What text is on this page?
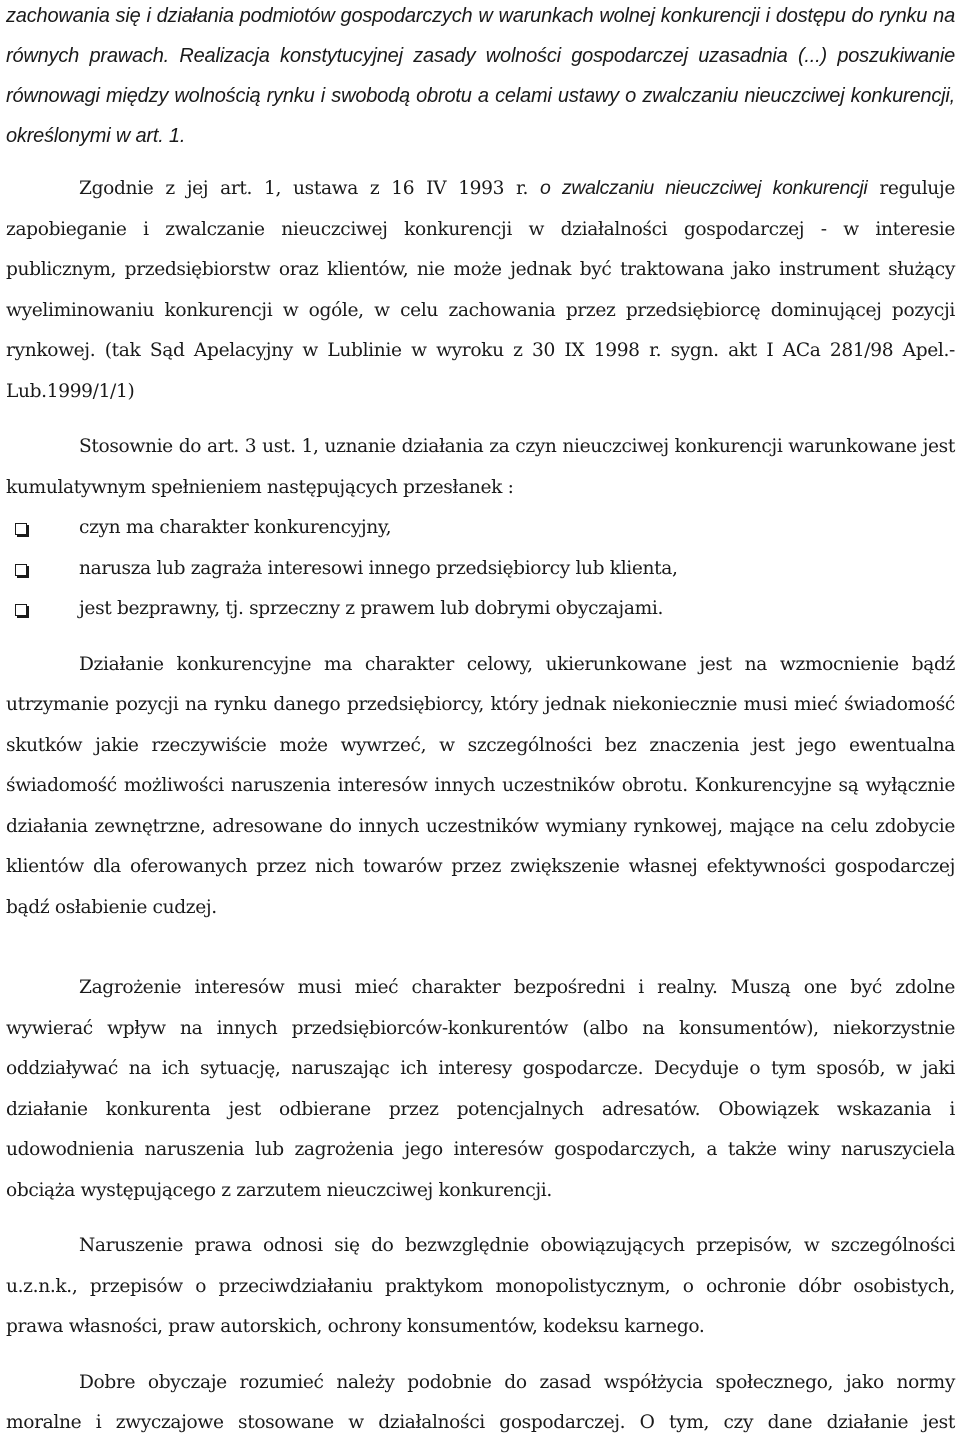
zachowania się i działania podmiotów gospodarczych w warunkach wolnej konkurencji i dostępu do rynku na równych prawach. Realizacja konstytucyjnej zasady wolności gospodarczej uzasadnia (...) poszukiwanie równowagi między wolnością rynku i swobodą obrotu a celami ustawy o zwalczaniu nieuczciwej konkurencji, określonymi w art. 1.

Zgodnie z jej art. 1, ustawa z 16 IV 1993 r. o zwalczaniu nieuczciwej konkurencji reguluje zapobieganie i zwalczanie nieuczciwej konkurencji w działalności gospodarczej - w interesie publicznym, przedsiębiorstw oraz klientów, nie może jednak być traktowana jako instrument służący wyeliminowaniu konkurencji w ogóle, w celu zachowania przez przedsiębiorcę dominującej pozycji rynkowej. (tak Sąd Apelacyjny w Lublinie w wyroku z 30 IX 1998 r. sygn. akt I ACa 281/98 Apel.-Lub.1999/1/1)

Stosownie do art. 3 ust. 1, uznanie działania za czyn nieuczciwej konkurencji warunkowane jest kumulatywnym spełnieniem następujących przesłanek :

czyn ma charakter konkurencyjny,
narusza lub zagraża interesowi innego przedsiębiorcy lub klienta,
jest bezprawny, tj. sprzeczny z prawem lub dobrymi obyczajami.

Działanie konkurencyjne ma charakter celowy, ukierunkowane jest na wzmocnienie bądź utrzymanie pozycji na rynku danego przedsiębiorcy, który jednak niekoniecznie musi mieć świadomość skutków jakie rzeczywiście może wywrzeć, w szczególności bez znaczenia jest jego ewentualna świadomość możliwości naruszenia interesów innych uczestników obrotu. Konkurencyjne są wyłącznie działania zewnętrzne, adresowane do innych uczestników wymiany rynkowej, mające na celu zdobycie klientów dla oferowanych przez nich towarów przez zwiększenie własnej efektywności gospodarczej bądź osłabienie cudzej.

Zagrożenie interesów musi mieć charakter bezpośredni i realny. Muszą one być zdolne wywierać wpływ na innych przedsiębiorców-konkurentów (albo na konsumentów), niekorzystnie oddziaływać na ich sytuację, naruszając ich interesy gospodarcze. Decyduje o tym sposób, w jaki działanie konkurenta jest odbierane przez potencjalnych adresatów. Obowiązek wskazania i udowodnienia naruszenia lub zagrożenia jego interesów gospodarczych, a także winy naruszyciela obciąża występującego z zarzutem nieuczciwej konkurencji.

Naruszenie prawa odnosi się do bezwzględnie obowiązujących przepisów, w szczególności u.z.n.k., przepisów o przeciwdziałaniu praktykom monopolistycznym, o ochronie dóbr osobistych, prawa własności, praw autorskich, ochrony konsumentów, kodeksu karnego.

Dobre obyczaje rozumieć należy podobnie do zasad współżycia społecznego, jako normy moralne i zwyczajowe stosowane w działalności gospodarczej. O tym, czy dane działanie jest
